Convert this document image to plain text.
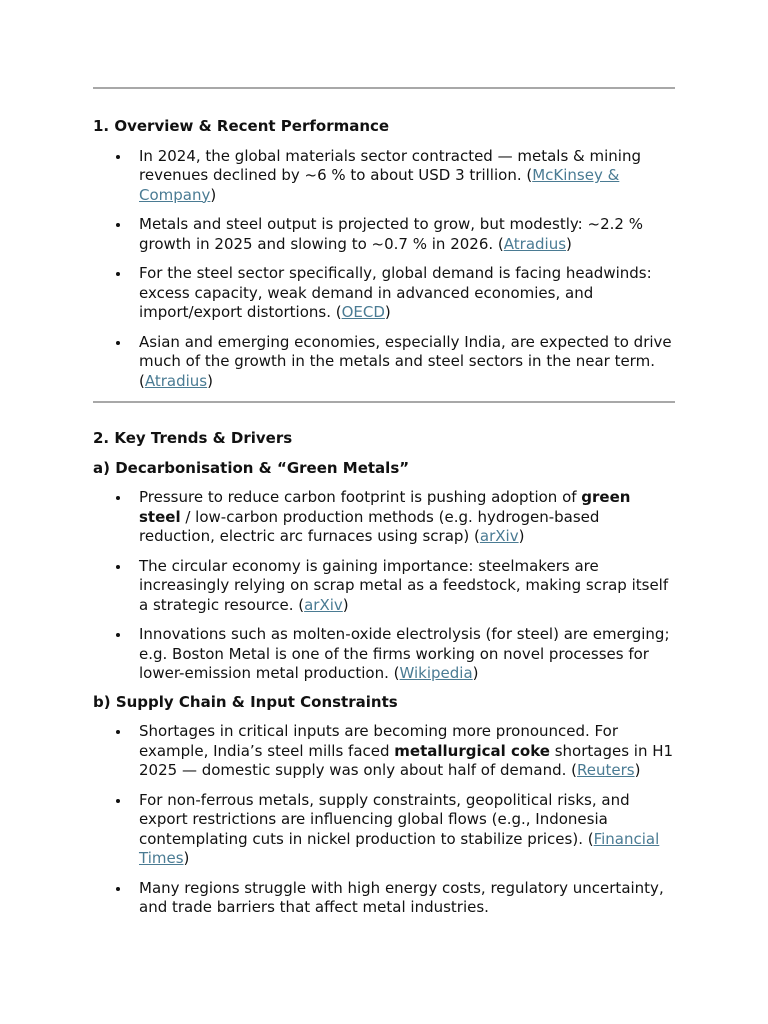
1. Overview & Recent Performance
In 2024, the global materials sector contracted — metals & mining revenues declined by ~6 % to about USD 3 trillion. (McKinsey & Company)
Metals and steel output is projected to grow, but modestly: ~2.2 % growth in 2025 and slowing to ~0.7 % in 2026. (Atradius)
For the steel sector specifically, global demand is facing headwinds: excess capacity, weak demand in advanced economies, and import/export distortions. (OECD)
Asian and emerging economies, especially India, are expected to drive much of the growth in the metals and steel sectors in the near term. (Atradius)
2. Key Trends & Drivers
a) Decarbonisation & “Green Metals”
Pressure to reduce carbon footprint is pushing adoption of green steel / low-carbon production methods (e.g. hydrogen-based reduction, electric arc furnaces using scrap) (arXiv)
The circular economy is gaining importance: steelmakers are increasingly relying on scrap metal as a feedstock, making scrap itself a strategic resource. (arXiv)
Innovations such as molten-oxide electrolysis (for steel) are emerging; e.g. Boston Metal is one of the firms working on novel processes for lower-emission metal production. (Wikipedia)
b) Supply Chain & Input Constraints
Shortages in critical inputs are becoming more pronounced. For example, India’s steel mills faced metallurgical coke shortages in H1 2025 — domestic supply was only about half of demand. (Reuters)
For non-ferrous metals, supply constraints, geopolitical risks, and export restrictions are influencing global flows (e.g., Indonesia contemplating cuts in nickel production to stabilize prices). (Financial Times)
Many regions struggle with high energy costs, regulatory uncertainty, and trade barriers that affect metal industries.
